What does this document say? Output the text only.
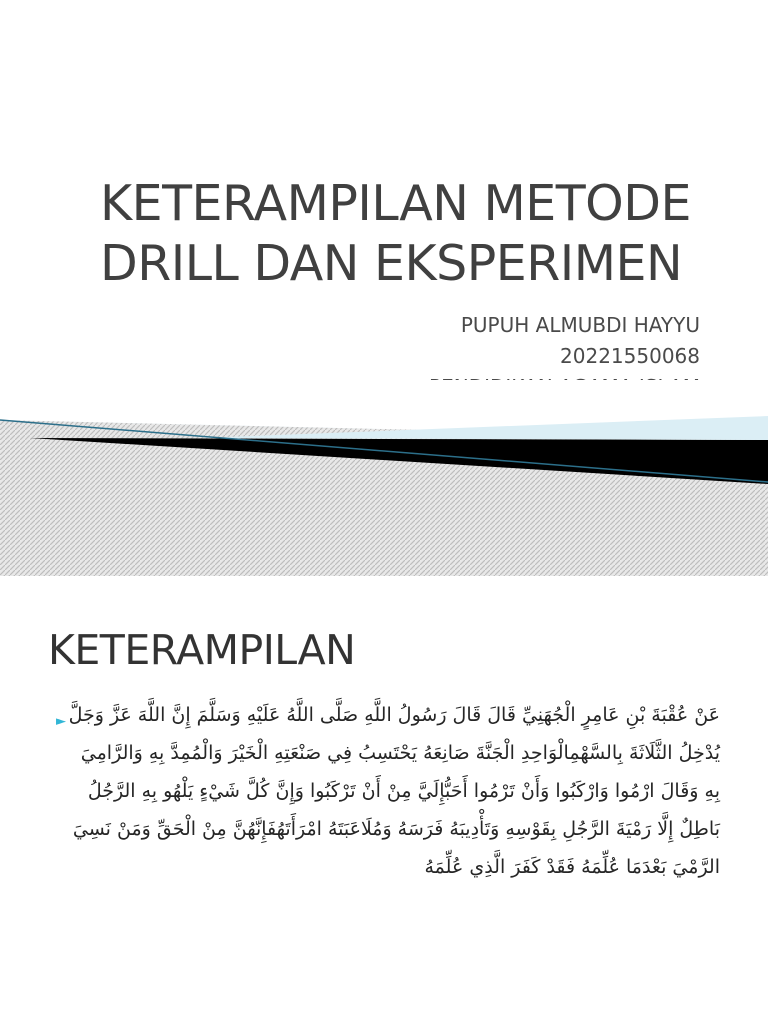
KETERAMPILAN METODE
DRILL DAN EKSPERIMEN
PUPUH ALMUBDI HAYYU
20221550068
KETERAMPILAN
► عَنْ عُقْبَةَ بْنِ عَامِرٍ الْجُهَنِيِّ قَالَ قَالَ رَسُولُ اللَّهِ صَلَّى اللَّهُ عَلَيْهِ وَسَلَّمَ إِنَّ اللَّهَ عَزَّ وَجَلَّ يُدْخِلُ الثَّلَاثَةَ بِالسَّهْمِالْوَاحِدِ الْجَنَّةَ صَانِعَهُ يَحْتَسِبُ فِي صَنْعَتِهِ الْخَيْرَ وَالْمُمِدَّ بِهِ وَالرَّامِيَ بِهِ وَقَالَ ارْمُوا وَارْكَبُوا وَأَنْ تَرْمُوا أَحَبُّإِلَيَّ مِنْ أَنْ تَرْكَبُوا وَإِنَّ كُلَّ شَيْءٍ يَلْهُو بِهِ الرَّجُلُ بَاطِلٌ إِلَّا رَمْيَةَ الرَّجُلِ بِقَوْسِهِ وَتَأْدِيبَهُ فَرَسَهُ وَمُلَاعَبَتَهُ امْرَأَتَهُفَإِنَّهُنَّ مِنْ الْحَقِّ وَمَنْ نَسِيَ الرَّمْيَ بَعْدَمَا عُلِّمَهُ فَقَدْ كَفَرَ الَّذِي عُلِّمَهُ
